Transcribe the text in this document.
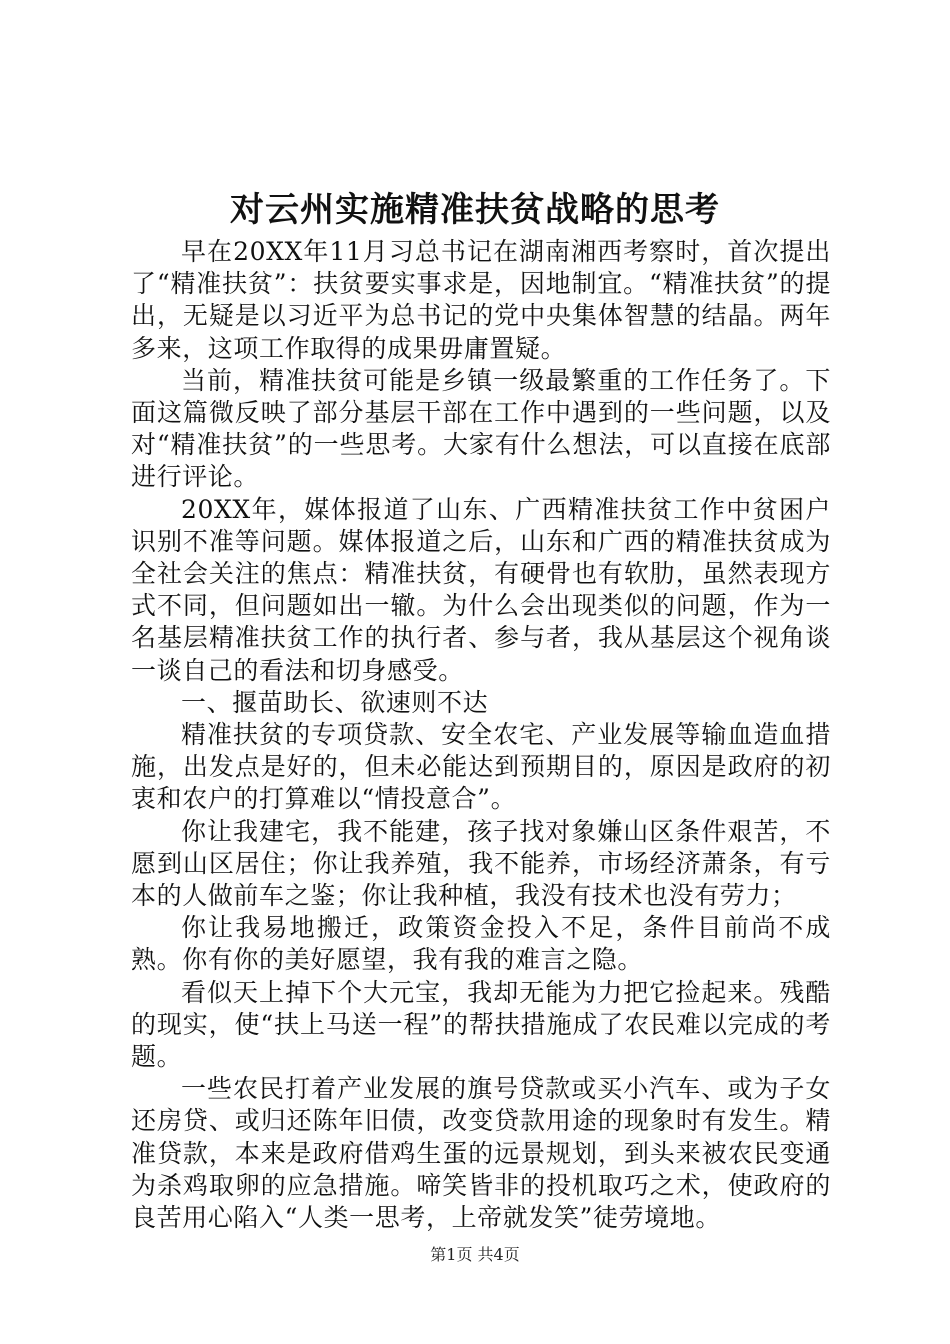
对云州实施精准扶贫战略的思考

早在20XX年11月习总书记在湖南湘西考察时，首次提出了“精准扶贫”：扶贫要实事求是，因地制宜。“精准扶贫”的提出，无疑是以习近平为总书记的党中央集体智慧的结晶。两年多来，这项工作取得的成果毋庸置疑。

当前，精准扶贫可能是乡镇一级最繁重的工作任务了。下面这篇微反映了部分基层干部在工作中遇到的一些问题，以及对“精准扶贫”的一些思考。大家有什么想法，可以直接在底部进行评论。

20XX年，媒体报道了山东、广西精准扶贫工作中贫困户识别不准等问题。媒体报道之后，山东和广西的精准扶贫成为全社会关注的焦点：精准扶贫，有硬骨也有软肋，虽然表现方式不同，但问题如出一辙。为什么会出现类似的问题，作为一名基层精准扶贫工作的执行者、参与者，我从基层这个视角谈一谈自己的看法和切身感受。

一、揠苗助长、欲速则不达

精准扶贫的专项贷款、安全农宅、产业发展等输血造血措施，出发点是好的，但未必能达到预期目的，原因是政府的初衷和农户的打算难以“情投意合”。

你让我建宅，我不能建，孩子找对象嫌山区条件艰苦，不愿到山区居住；你让我养殖，我不能养，市场经济萧条，有亏本的人做前车之鉴；你让我种植，我没有技术也没有劳力；

你让我易地搬迁，政策资金投入不足，条件目前尚不成熟。你有你的美好愿望，我有我的难言之隐。

看似天上掉下个大元宝，我却无能为力把它捡起来。残酷的现实，使“扶上马送一程”的帮扶措施成了农民难以完成的考题。

一些农民打着产业发展的旗号贷款或买小汽车、或为子女还房贷、或归还陈年旧债，改变贷款用途的现象时有发生。精准贷款，本来是政府借鸡生蛋的远景规划，到头来被农民变通为杀鸡取卵的应急措施。啼笑皆非的投机取巧之术，使政府的良苦用心陷入“人类一思考，上帝就发笑”徒劳境地。

第1页 共4页
